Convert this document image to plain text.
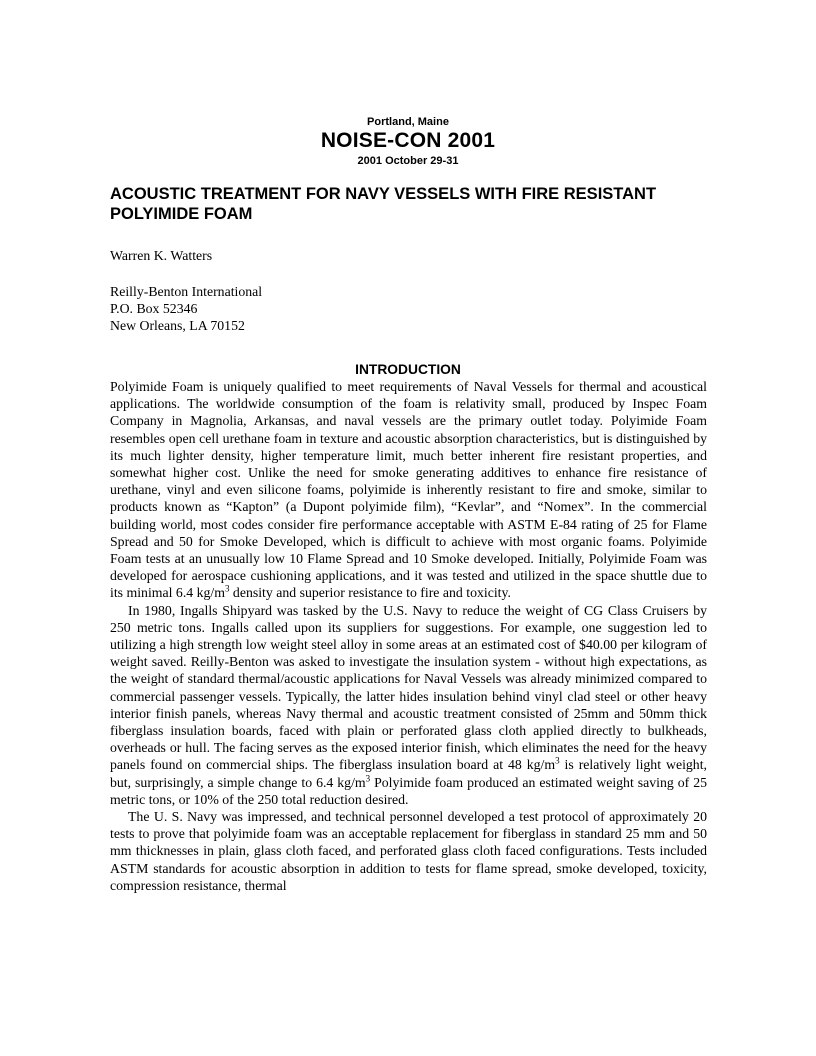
Portland, Maine
NOISE-CON 2001
2001 October 29-31
ACOUSTIC TREATMENT FOR NAVY VESSELS WITH FIRE RESISTANT POLYIMIDE FOAM
Warren K. Watters
Reilly-Benton International
P.O. Box 52346
New Orleans, LA 70152
INTRODUCTION

Polyimide Foam is uniquely qualified to meet requirements of Naval Vessels for thermal and acoustical applications. The worldwide consumption of the foam is relativity small, produced by Inspec Foam Company in Magnolia, Arkansas, and naval vessels are the primary outlet today. Polyimide Foam resembles open cell urethane foam in texture and acoustic absorption characteristics, but is distinguished by its much lighter density, higher temperature limit, much better inherent fire resistant properties, and somewhat higher cost. Unlike the need for smoke generating additives to enhance fire resistance of urethane, vinyl and even silicone foams, polyimide is inherently resistant to fire and smoke, similar to products known as “Kapton” (a Dupont polyimide film), “Kevlar”, and “Nomex”. In the commercial building world, most codes consider fire performance acceptable with ASTM E-84 rating of 25 for Flame Spread and 50 for Smoke Developed, which is difficult to achieve with most organic foams. Polyimide Foam tests at an unusually low 10 Flame Spread and 10 Smoke developed. Initially, Polyimide Foam was developed for aerospace cushioning applications, and it was tested and utilized in the space shuttle due to its minimal 6.4 $kg/m^3$ density and superior resistance to fire and toxicity.

In 1980, Ingalls Shipyard was tasked by the U.S. Navy to reduce the weight of CG Class Cruisers by 250 metric tons. Ingalls called upon its suppliers for suggestions. For example, one suggestion led to utilizing a high strength low weight steel alloy in some areas at an estimated cost of $40.00 per kilogram of weight saved. Reilly-Benton was asked to investigate the insulation system - without high expectations, as the weight of standard thermal/acoustic applications for Naval Vessels was already minimized compared to commercial passenger vessels. Typically, the latter hides insulation behind vinyl clad steel or other heavy interior finish panels, whereas Navy thermal and acoustic treatment consisted of 25mm and 50mm thick fiberglass insulation boards, faced with plain or perforated glass cloth applied directly to bulkheads, overheads or hull. The facing serves as the exposed interior finish, which eliminates the need for the heavy panels found on commercial ships. The fiberglass insulation board at 48 $kg/m^3$ is relatively light weight, but, surprisingly, a simple change to 6.4 $kg/m^3$ Polyimide foam produced an estimated weight saving of 25 metric tons, or 10% of the 250 total reduction desired.

The U. S. Navy was impressed, and technical personnel developed a test protocol of approximately 20 tests to prove that polyimide foam was an acceptable replacement for fiberglass in standard 25 mm and 50 mm thicknesses in plain, glass cloth faced, and perforated glass cloth faced configurations. Tests included ASTM standards for acoustic absorption in addition to tests for flame spread, smoke developed, toxicity, compression resistance, thermal
